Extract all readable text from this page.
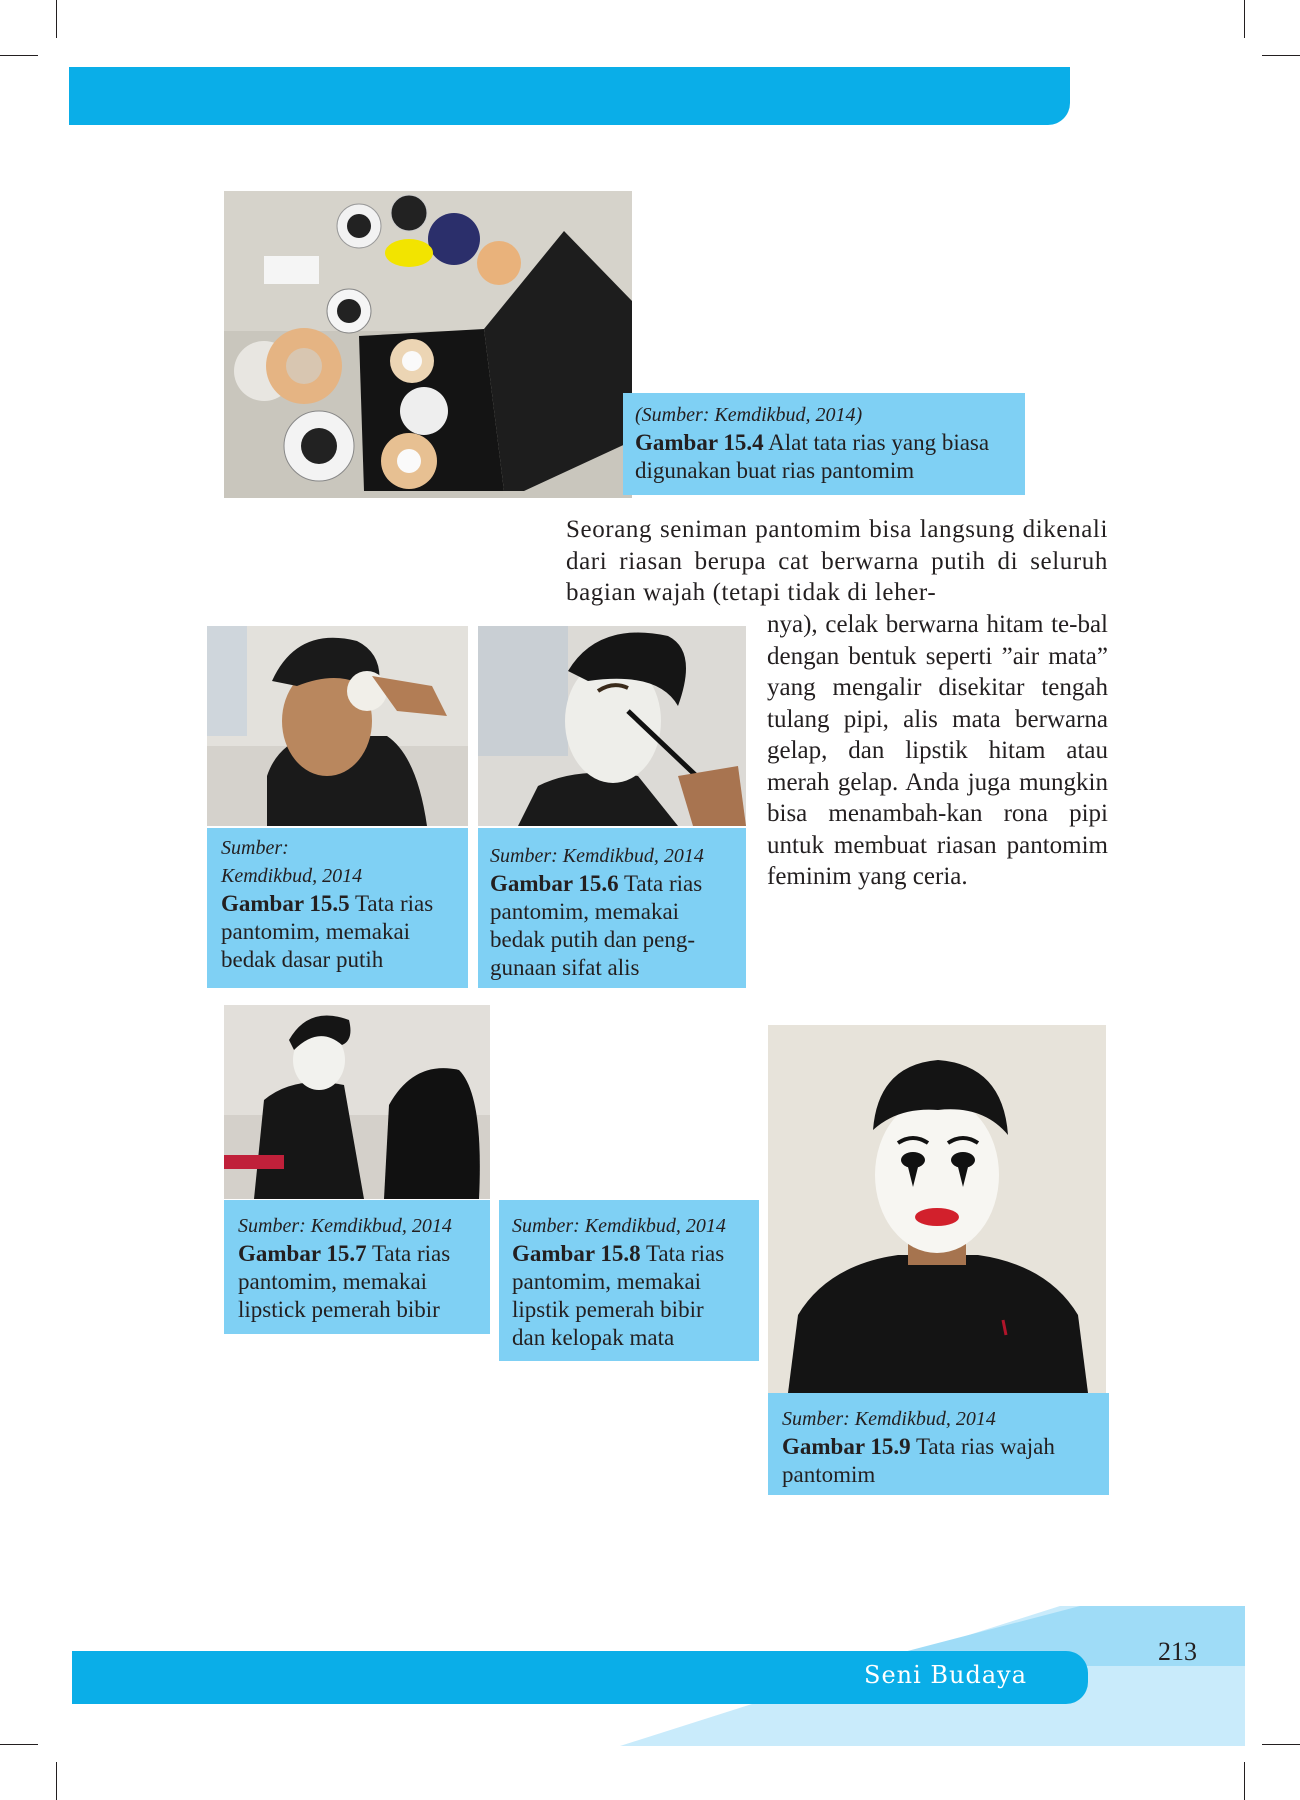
(Sumber: Kemdikbud, 2014)
Gambar 15.4 Alat tata rias yang biasa
digunakan buat rias pantomim
Seorang seniman pantomim bisa langsung dikenali dari riasan berupa cat berwarna putih di seluruh bagian wajah (tetapi tidak di leher-
nya), celak berwarna hitam te-bal dengan bentuk seperti ”air mata” yang mengalir disekitar tengah tulang pipi, alis mata berwarna gelap, dan lipstik hitam atau merah gelap. Anda juga mungkin bisa menambah-kan rona pipi untuk membuat riasan pantomim feminim yang ceria.
Sumber:
Kemdikbud, 2014
Gambar 15.5 Tata rias
pantomim, memakai
bedak dasar putih
Sumber: Kemdikbud, 2014
Gambar 15.6 Tata rias
pantomim, memakai
bedak putih dan peng-
gunaan sifat alis
Sumber: Kemdikbud, 2014
Gambar 15.7 Tata rias
pantomim, memakai
lipstick pemerah bibir
Sumber: Kemdikbud, 2014
Gambar 15.8 Tata rias
pantomim, memakai
lipstik pemerah bibir
dan kelopak mata
Sumber: Kemdikbud, 2014
Gambar 15.9 Tata rias wajah
pantomim
Seni Budaya
213
